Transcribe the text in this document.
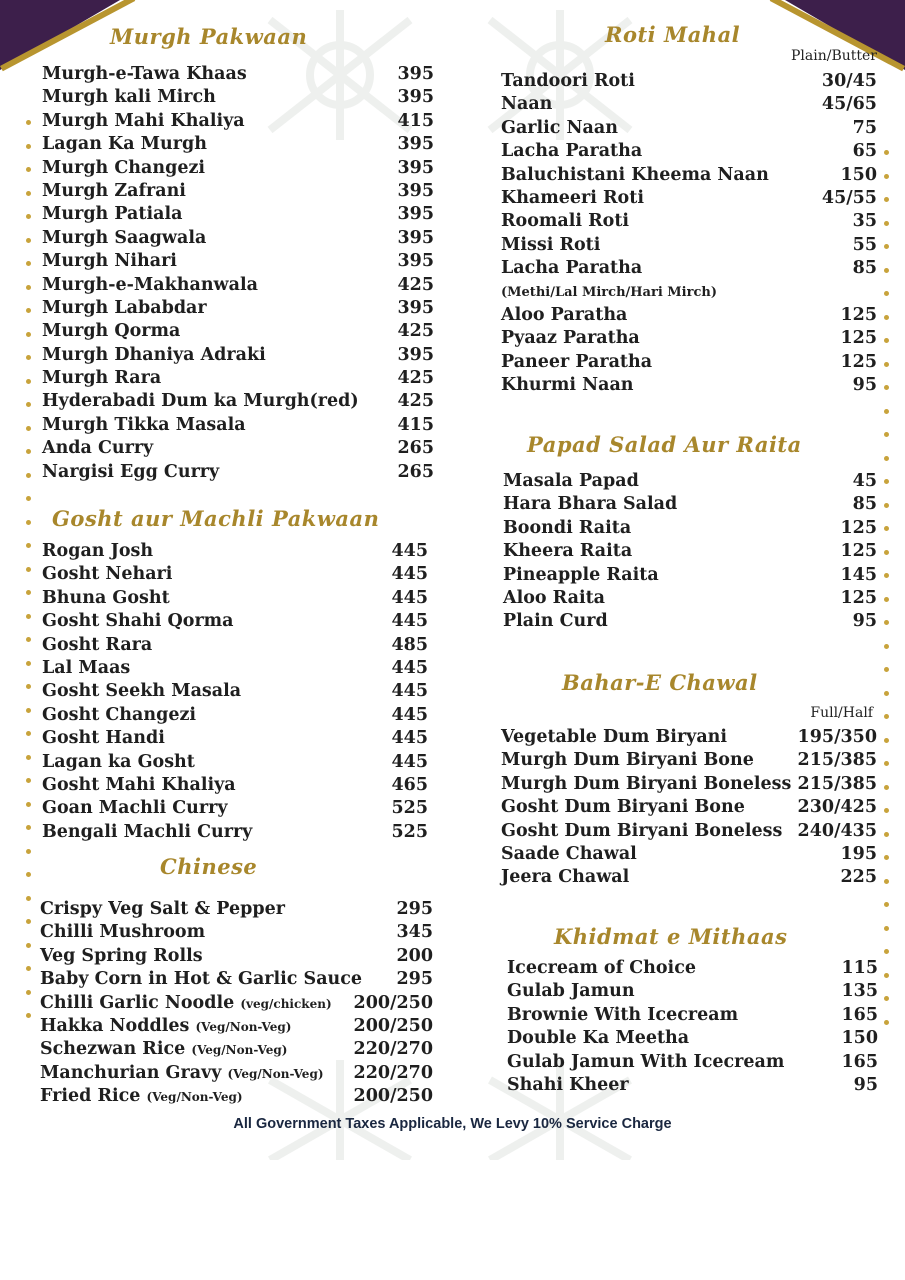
Murgh Pakwaan
Gosht aur Machli Pakwaan
Chinese
Roti Mahal
Papad Salad Aur Raita
Bahar-E Chawal
Khidmat e Mithaas
Plain/Butter
Full/Half
Murgh-e-Tawa Khaas	395
Murgh kali Mirch	395
Murgh Mahi Khaliya	415
Lagan Ka Murgh	395
Murgh Changezi	395
Murgh Zafrani	395
Murgh Patiala	395
Murgh Saagwala	395
Murgh Nihari	395
Murgh-e-Makhanwala	425
Murgh Lababdar	395
Murgh Qorma	425
Murgh Dhaniya Adraki	395
Murgh Rara	425
Hyderabadi Dum ka Murgh(red) 425
Murgh Tikka Masala	415
Anda Curry	265
Nargisi Egg Curry	265
Rogan Josh	445
Gosht Nehari	445
Bhuna Gosht	445
Gosht Shahi Qorma	445
Gosht Rara	485
Lal Maas	445
Gosht Seekh Masala	445
Gosht Changezi	445
Gosht Handi	445
Lagan ka Gosht	445
Gosht Mahi Khaliya	465
Goan Machli Curry	525
Bengali Machli Curry	525
Crispy Veg Salt & Pepper	295
Chilli Mushroom	345
Veg Spring Rolls	200
Baby Corn in Hot & Garlic Sauce 295
Chilli Garlic Noodle (veg/chicken) 200/250
Hakka Noddles (Veg/Non-Veg)	200/250
Schezwan Rice (Veg/Non-Veg)	220/270
Manchurian Gravy (Veg/Non-Veg) 220/270
Fried Rice (Veg/Non-Veg)	200/250
Tandoori Roti	30/45
Naan	45/65
Garlic Naan	75
Lacha Paratha	65
Baluchistani Kheema Naan	150
Khameeri Roti	45/55
Roomali Roti	35
Missi Roti	55
Lacha Paratha	85
(Methi/Lal Mirch/Hari Mirch)
Aloo Paratha	125
Pyaaz Paratha	125
Paneer Paratha	125
Khurmi Naan	95
Masala Papad	45
Hara Bhara Salad	85
Boondi Raita	125
Kheera Raita	125
Pineapple Raita	145
Aloo Raita	125
Plain Curd	95
Vegetable Dum Biryani	195/350
Murgh Dum Biryani Bone 215/385
Murgh Dum Biryani Boneless 215/385
Gosht Dum Biryani Bone	230/425
Gosht Dum Biryani Boneless 240/435
Saade Chawal	195
Jeera Chawal	225
Icecream of Choice	115
Gulab Jamun	135
Brownie With Icecream	165
Double Ka Meetha	150
Gulab Jamun With Icecream	165
Shahi Kheer	95
All Government Taxes Applicable, We Levy 10% Service Charge
